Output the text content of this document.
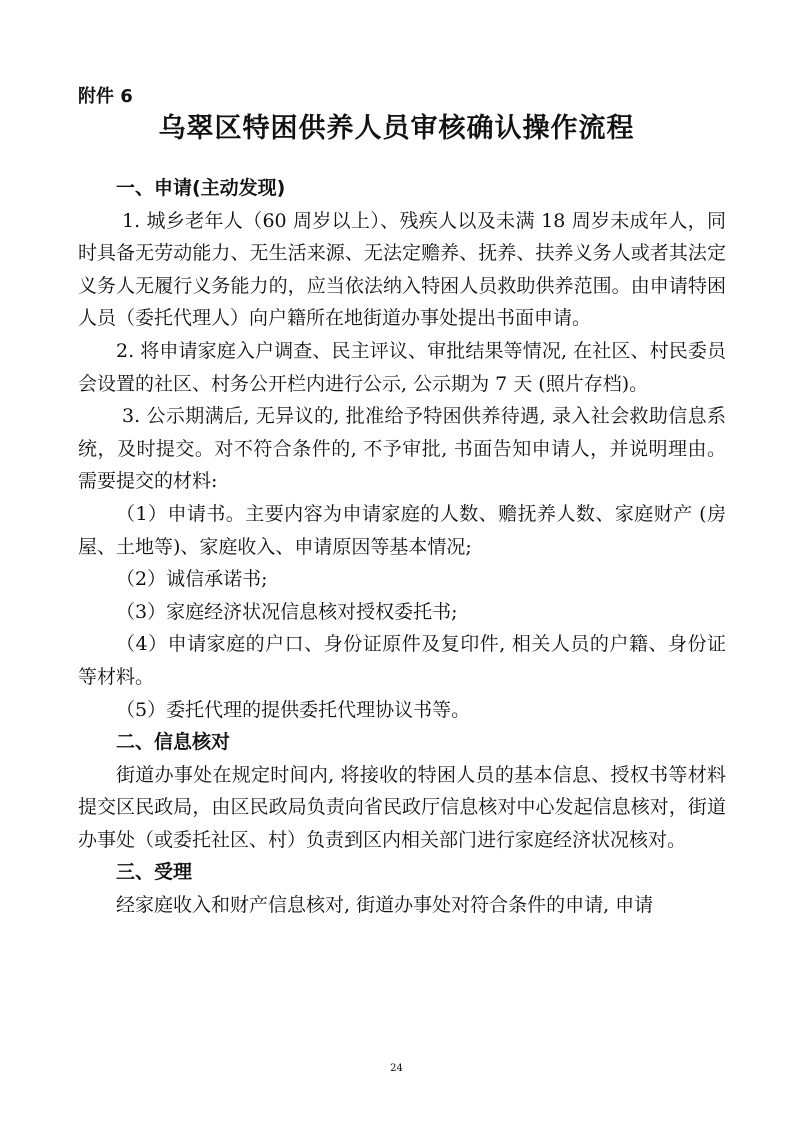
附件 6
乌翠区特困供养人员审核确认操作流程

一、申请(主动发现)

1. 城乡老年人（60 周岁以上）、残疾人以及未满 18 周岁未成年人，同时具备无劳动能力、无生活来源、无法定赡养、抚养、扶养义务人或者其法定义务人无履行义务能力的，应当依法纳入特困人员救助供养范围。由申请特困人员（委托代理人）向户籍所在地街道办事处提出书面申请。

2. 将申请家庭入户调查、民主评议、审批结果等情况, 在社区、村民委员会设置的社区、村务公开栏内进行公示, 公示期为 7 天 (照片存档)。

3. 公示期满后, 无异议的, 批准给予特困供养待遇, 录入社会救助信息系统，及时提交。对不符合条件的, 不予审批, 书面告知申请人，并说明理由。需要提交的材料:

（1）申请书。主要内容为申请家庭的人数、赡抚养人数、家庭财产 (房屋、土地等)、家庭收入、申请原因等基本情况;

（2）诚信承诺书;

（3）家庭经济状况信息核对授权委托书;

（4）申请家庭的户口、身份证原件及复印件, 相关人员的户籍、身份证等材料。

（5）委托代理的提供委托代理协议书等。

二、信息核对

街道办事处在规定时间内, 将接收的特困人员的基本信息、授权书等材料提交区民政局，由区民政局负责向省民政厅信息核对中心发起信息核对，街道办事处（或委托社区、村）负责到区内相关部门进行家庭经济状况核对。

三、受理

经家庭收入和财产信息核对, 街道办事处对符合条件的申请, 申请

24
